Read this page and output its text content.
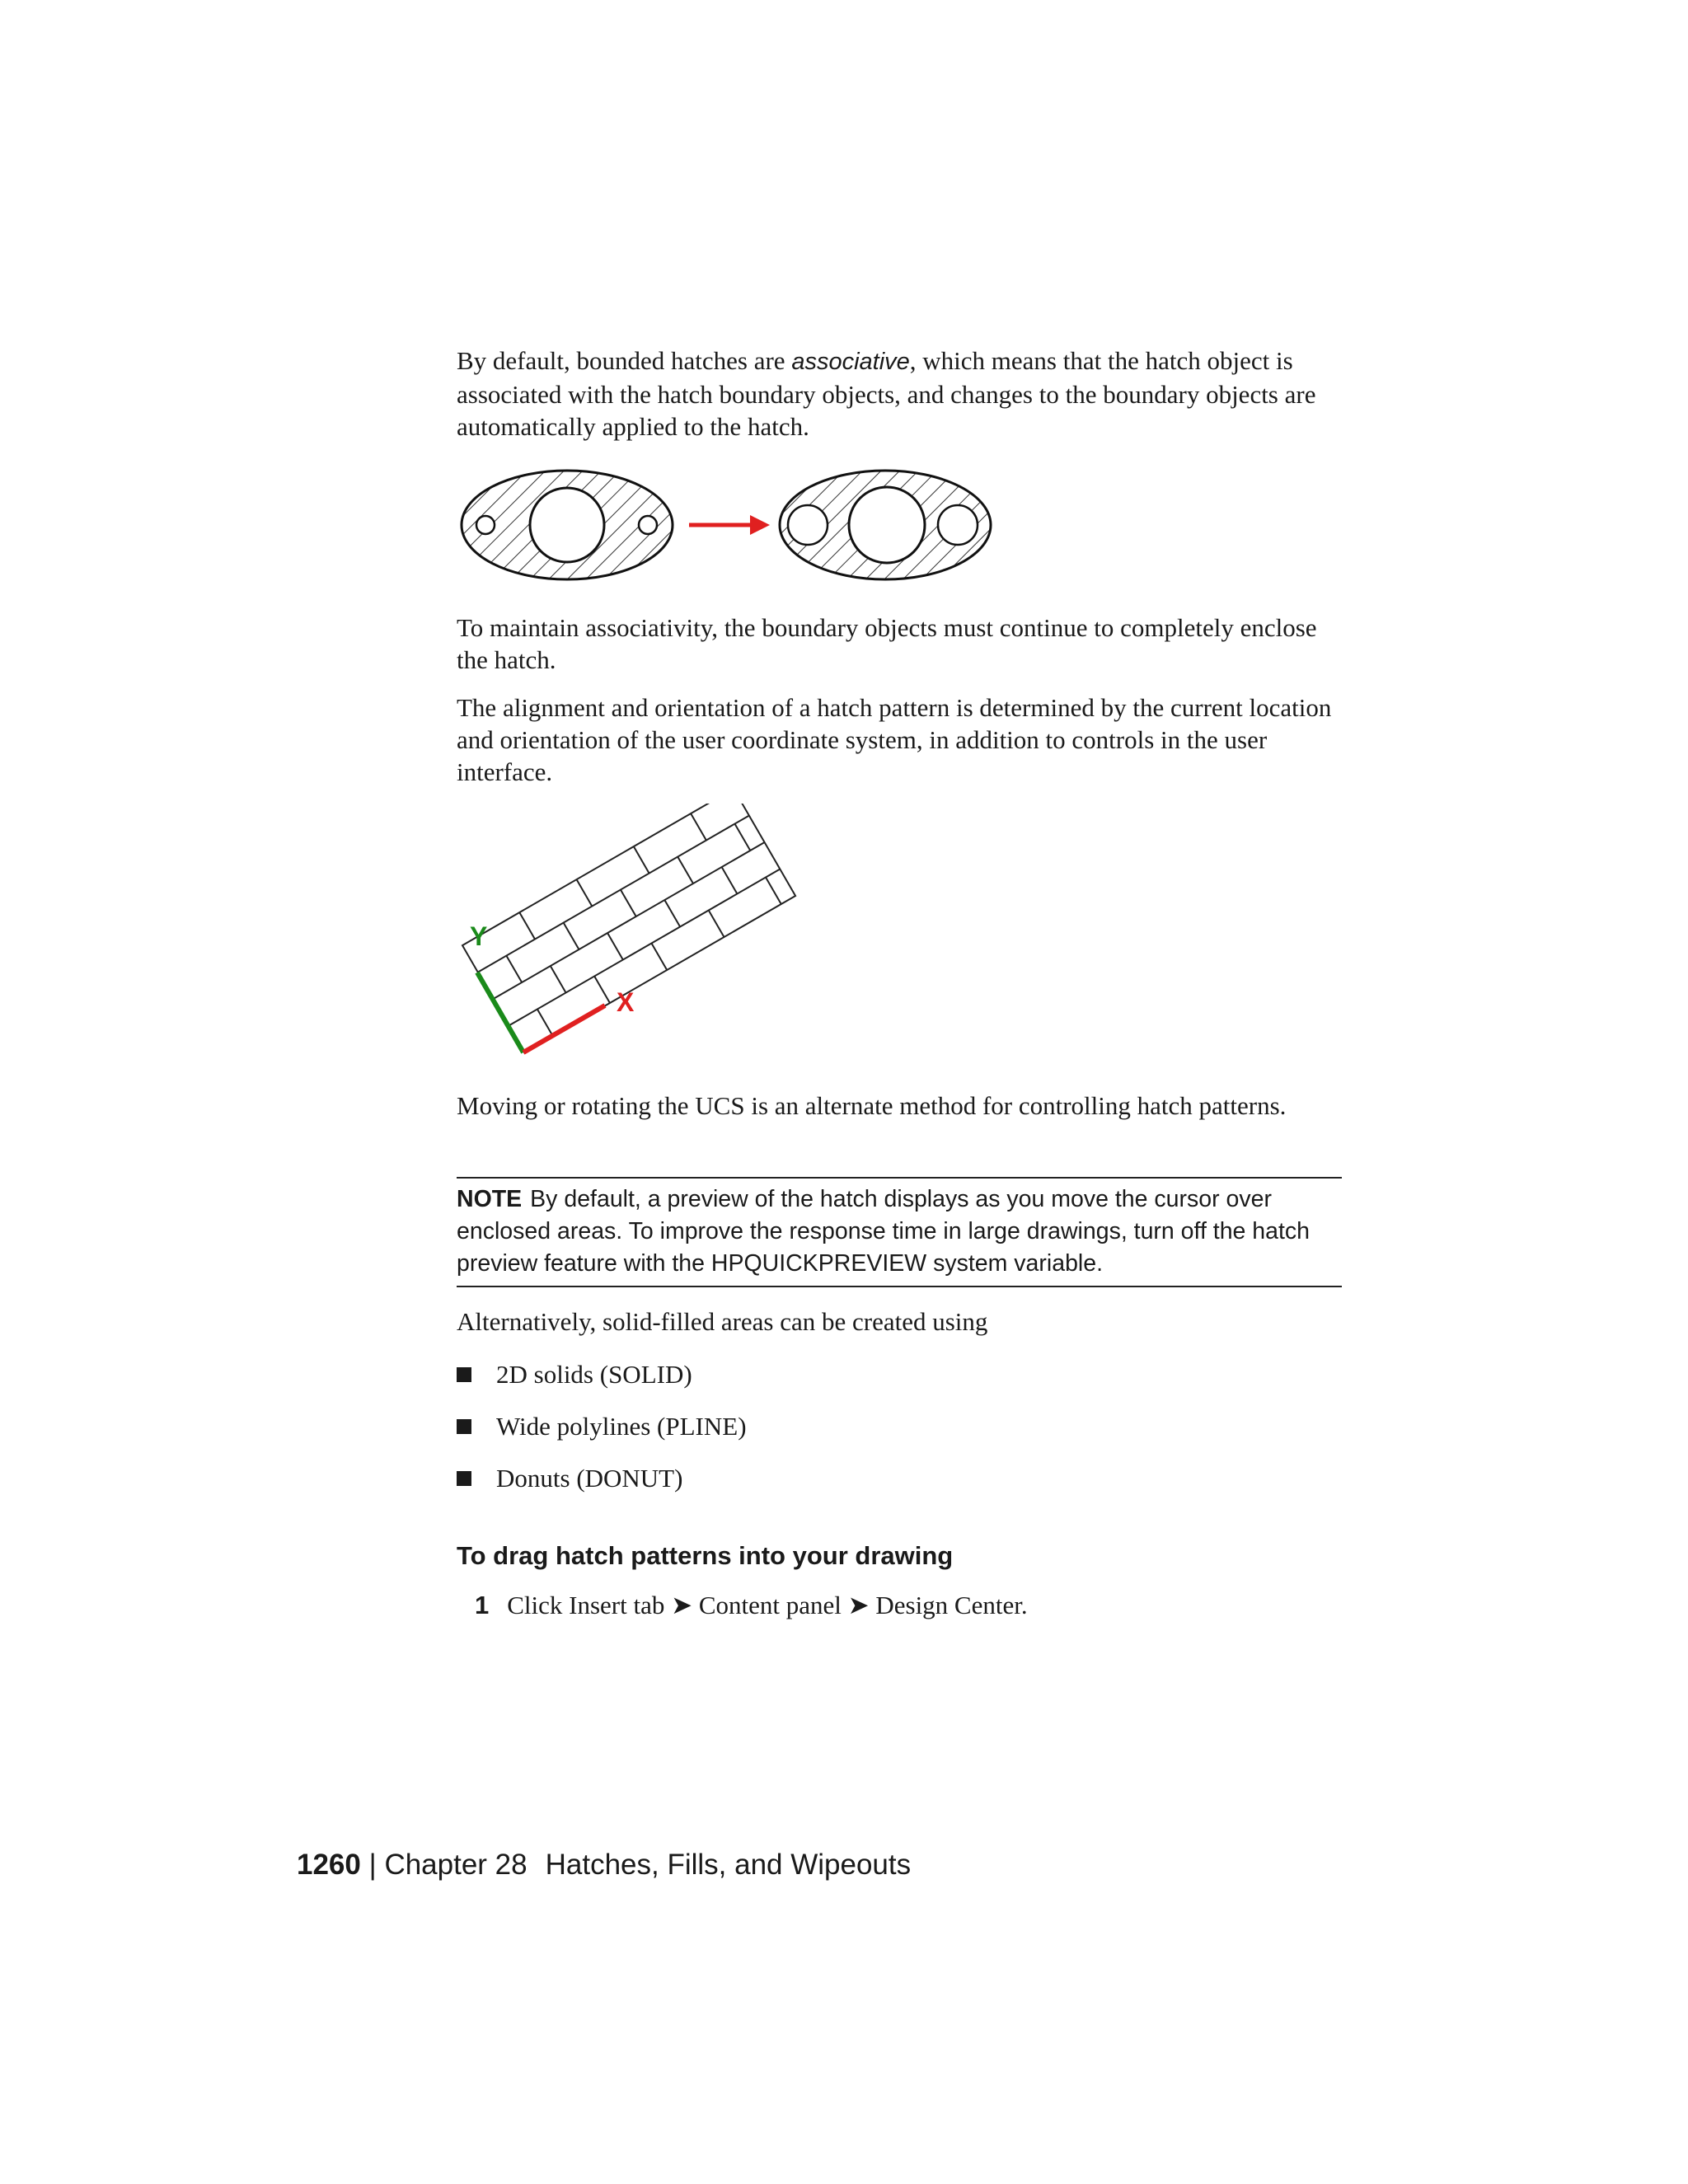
By default, bounded hatches are associative, which means that the hatch object is associated with the hatch boundary objects, and changes to the boundary objects are automatically applied to the hatch.

To maintain associativity, the boundary objects must continue to completely enclose the hatch.

The alignment and orientation of a hatch pattern is determined by the current location and orientation of the user coordinate system, in addition to controls in the user interface.

Y
X

Moving or rotating the UCS is an alternate method for controlling hatch patterns.

NOTE By default, a preview of the hatch displays as you move the cursor over enclosed areas. To improve the response time in large drawings, turn off the hatch preview feature with the HPQUICKPREVIEW system variable.

Alternatively, solid-filled areas can be created using

2D solids (SOLID)
Wide polylines (PLINE)
Donuts (DONUT)
To drag hatch patterns into your drawing
1 Click Insert tab ➤ Content panel ➤ Design Center.
1260 | Chapter 28 Hatches, Fills, and Wipeouts
